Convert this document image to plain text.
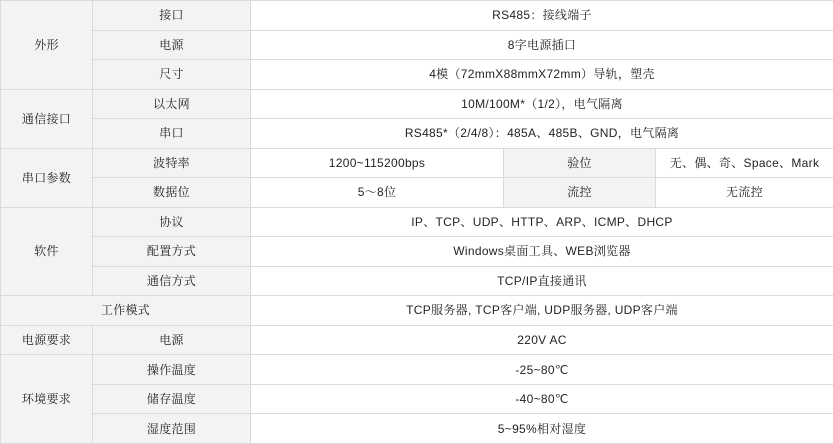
外形	接口	RS485：接线端子		
	电源	8字电源插口		
	尺寸	4模（72mmX88mmX72mm）导轨，塑壳		
通信接口	以太网	10M/100M*（1/2），电气隔离		
	串口	RS485*（2/4/8）：485A、485B、GND，电气隔离		
串口参数	波特率	1200~115200bps	验位	无、偶、奇、Space、Mark
	数据位	5～8位	流控	无流控
软件	协议	IP、TCP、UDP、HTTP、ARP、ICMP、DHCP		
	配置方式	Windows桌面工具、WEB浏览器		
	通信方式	TCP/IP直接通讯		
工作模式		TCP服务器, TCP客户端, UDP服务器, UDP客户端		
电源要求	电源	220V AC		
环境要求	操作温度	-25~80℃		
	储存温度	-40~80℃		
	湿度范围	5~95%相对湿度		
